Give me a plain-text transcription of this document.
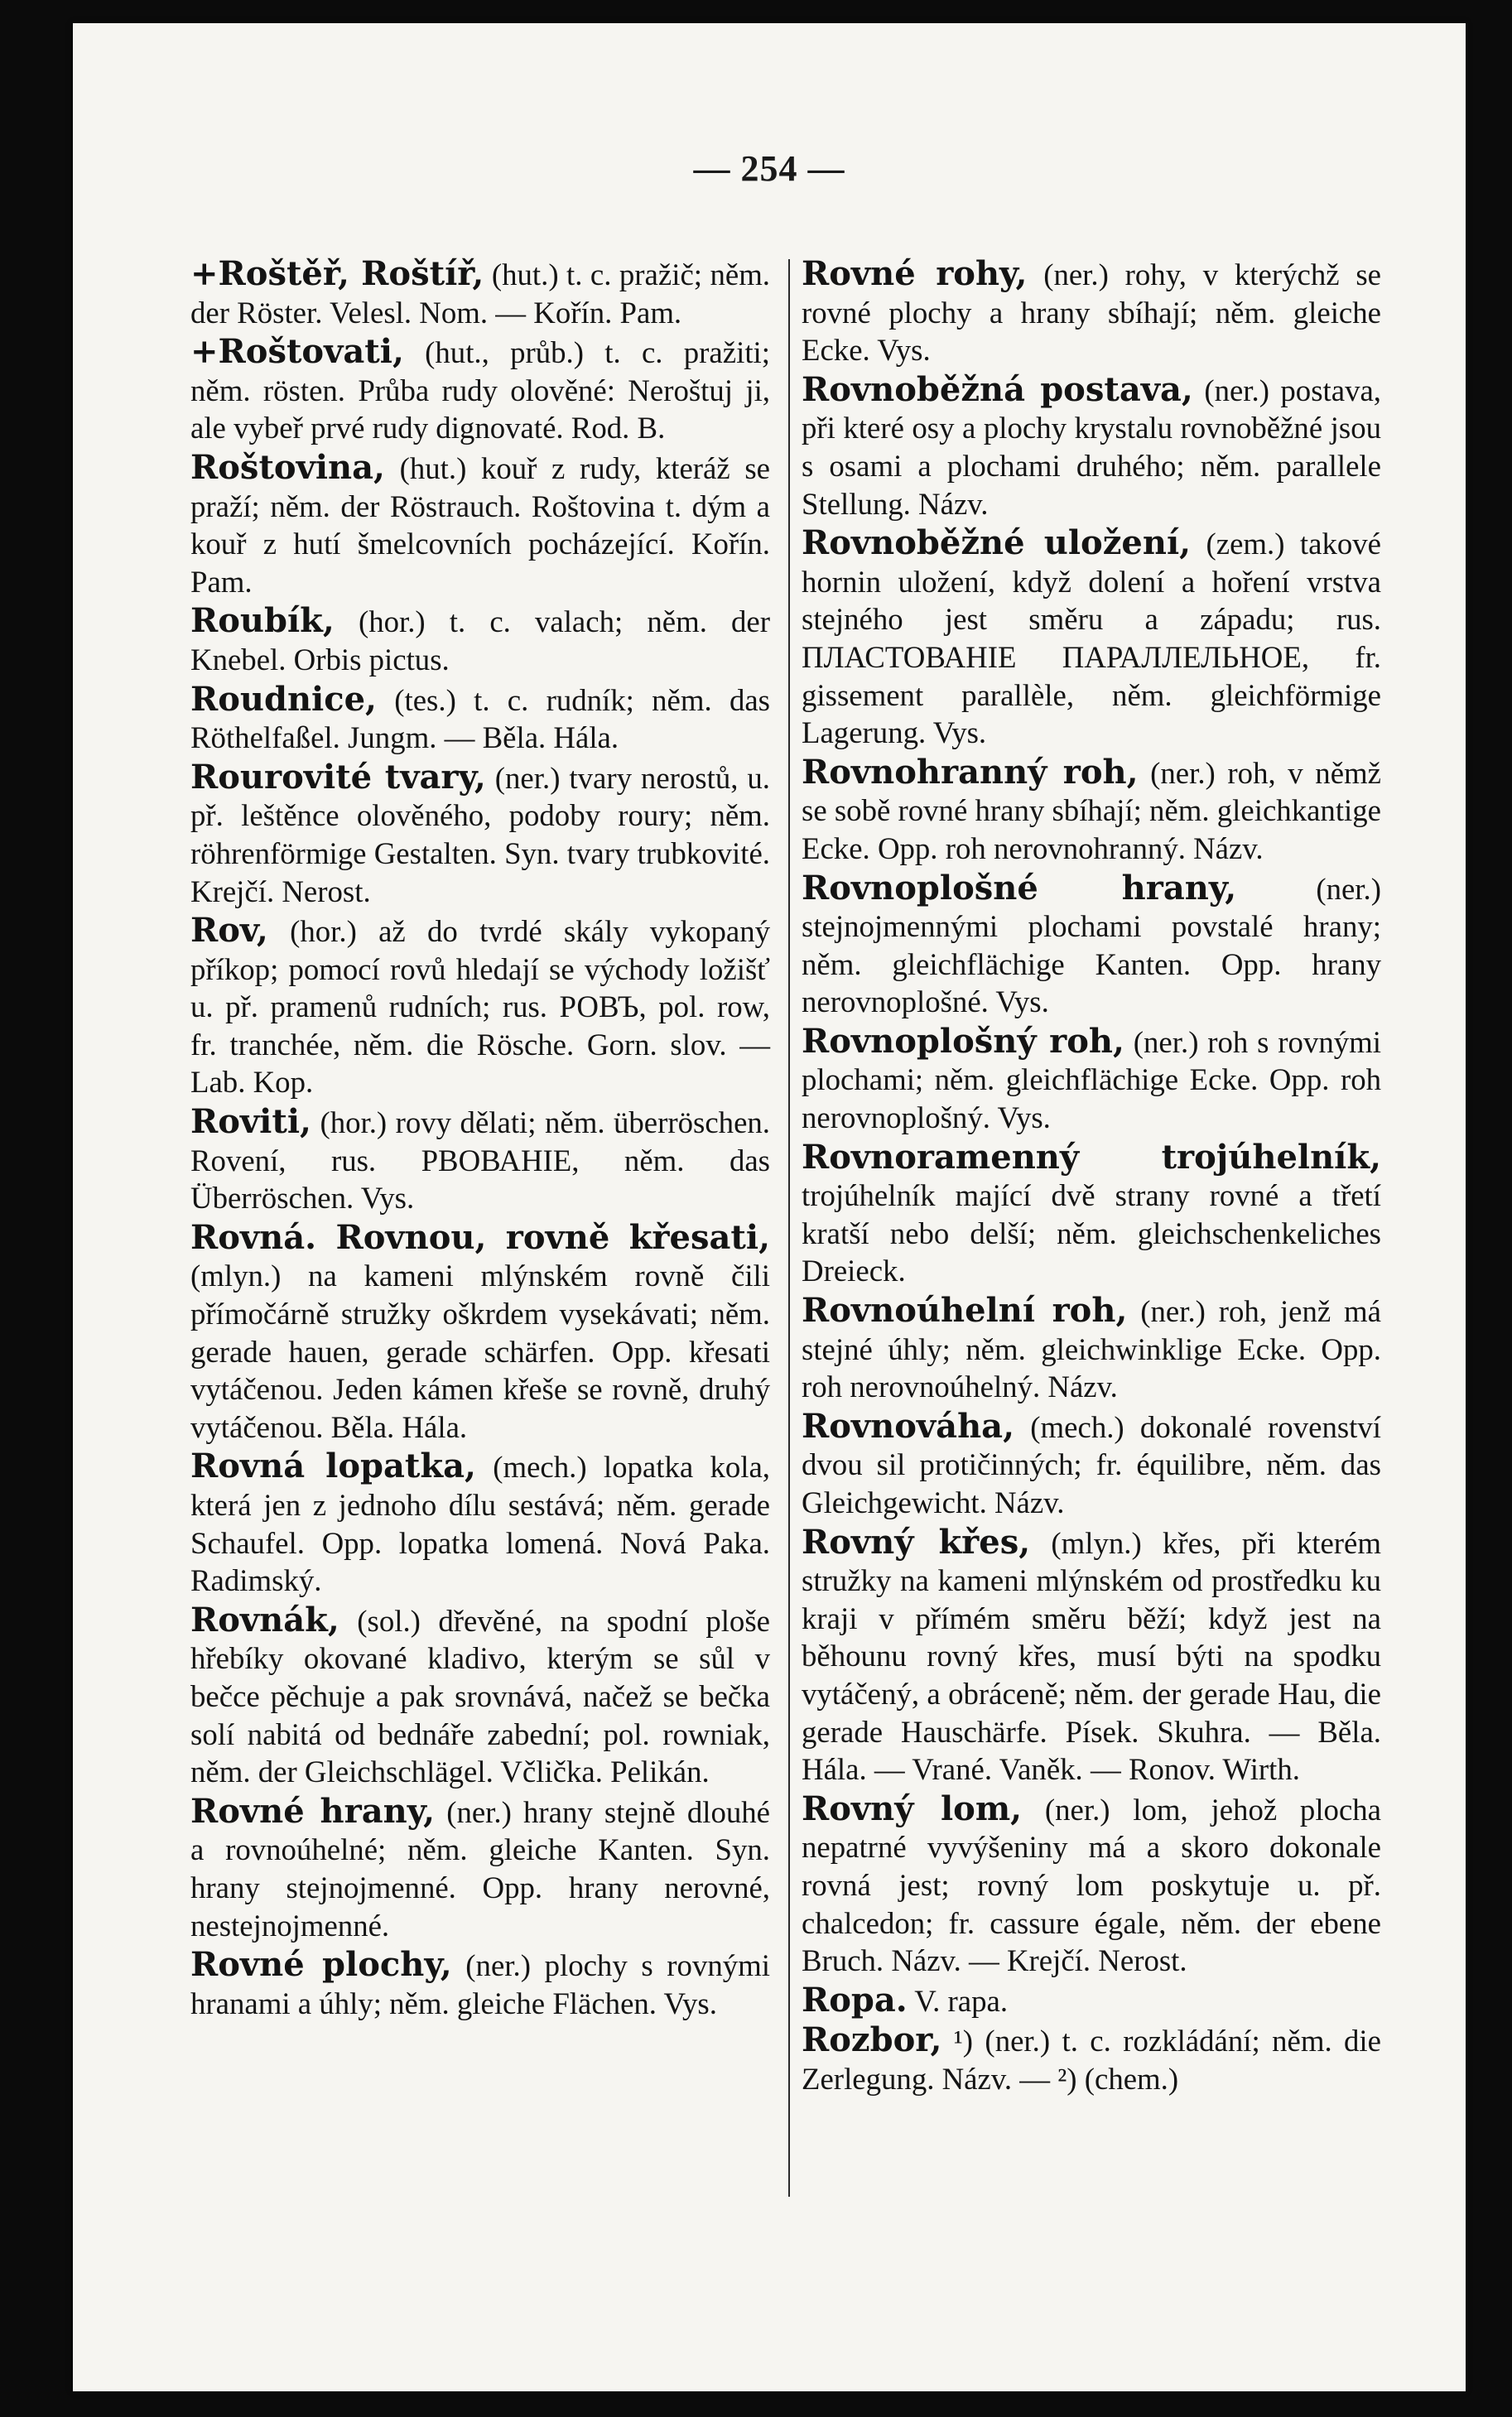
— 254 —

+Roštěř, Roštíř, (hut.) t. c. pražič; něm. der Röster. Velesl. Nom. — Kořín. Pam.

+Roštovati, (hut., průb.) t. c. pražiti; něm. rösten. Průba rudy olověné: Neroštuj ji, ale vybeř prvé rudy dignovaté. Rod. B.

Roštovina, (hut.) kouř z rudy, kteráž se praží; něm. der Röstrauch. Roštovina t. dým a kouř z hutí šmelcovních pocházející. Kořín. Pam.

Roubík, (hor.) t. c. valach; něm. der Knebel. Orbis pictus.

Roudnice, (tes.) t. c. rudník; něm. das Röthelfaßel. Jungm. — Běla. Hála.

Rourovité tvary, (ner.) tvary nerostů, u. př. leštěnce olověného, podoby roury; něm. röhrenförmige Gestalten. Syn. tvary trubkovité. Krejčí. Nerost.

Rov, (hor.) až do tvrdé skály vykopaný příkop; pomocí rovů hledají se východy ložišť u. př. pramenů rudních; rus. РОВЪ, pol. row, fr. tranchée, něm. die Rösche. Gorn. slov. — Lab. Kop.

Roviti, (hor.) rovy dělati; něm. überröschen. Rovení, rus. РВОВАНІЕ, něm. das Überröschen. Vys.

Rovná. Rovnou, rovně křesati, (mlyn.) na kameni mlýnském rovně čili přímočárně stružky oškrdem vysekávati; něm. gerade hauen, gerade schärfen. Opp. křesati vytáčenou. Jeden kámen křeše se rovně, druhý vytáčenou. Běla. Hála.

Rovná lopatka, (mech.) lopatka kola, která jen z jednoho dílu sestává; něm. gerade Schaufel. Opp. lopatka lomená. Nová Paka. Radimský.

Rovnák, (sol.) dřevěné, na spodní ploše hřebíky okované kladivo, kterým se sůl v bečce pěchuje a pak srovnává, načež se bečka solí nabitá od bednáře zabední; pol. rowniak, něm. der Gleichschlägel. Včlička. Pelikán.

Rovné hrany, (ner.) hrany stejně dlouhé a rovnoúhelné; něm. gleiche Kanten. Syn. hrany stejnojmenné. Opp. hrany nerovné, nestejnojmenné.

Rovné plochy, (ner.) plochy s rovnými hranami a úhly; něm. gleiche Flächen. Vys.

Rovné rohy, (ner.) rohy, v kterýchž se rovné plochy a hrany sbíhají; něm. gleiche Ecke. Vys.

Rovnoběžná postava, (ner.) postava, při které osy a plochy krystalu rovnoběžné jsou s osami a plochami druhého; něm. parallele Stellung. Názv.

Rovnoběžné uložení, (zem.) takové hornin uložení, když dolení a hoření vrstva stejného jest směru a západu; rus. ПЛАСТОВАНІЕ ПАРАЛЛЕЛЬНОЕ, fr. gissement parallèle, něm. gleichförmige Lagerung. Vys.

Rovnohranný roh, (ner.) roh, v němž se sobě rovné hrany sbíhají; něm. gleichkantige Ecke. Opp. roh nerovnohranný. Názv.

Rovnoplošné hrany,	(ner.) stejnojmennými plochami povstalé hrany; něm. gleichflächige Kanten. Opp. hrany nerovnoplošné. Vys.

Rovnoplošný roh, (ner.) roh s rovnými plochami; něm. gleichflächige Ecke. Opp. roh nerovnoplošný. Vys.

Rovnoramenný trojúhelník, trojúhelník mající dvě strany rovné a třetí kratší nebo delší; něm. gleichschenkeliches Dreieck.

Rovnoúhelní roh, (ner.) roh, jenž má stejné úhly; něm. gleichwinklige Ecke. Opp. roh nerovnoúhelný. Názv.

Rovnováha, (mech.) dokonalé rovenství dvou sil protičinných; fr. équilibre, něm. das Gleichgewicht. Názv.

Rovný křes, (mlyn.) křes, při kterém stružky na kameni mlýnském od prostředku ku kraji v přímém směru běží; když jest na běhounu rovný křes, musí býti na spodku vytáčený, a obráceně; něm. der gerade Hau, die gerade Hauschärfe. Písek. Skuhra. — Běla. Hála. — Vrané. Vaněk. — Ronov. Wirth.

Rovný lom, (ner.) lom, jehož plocha nepatrné vyvýšeniny má a skoro dokonale rovná jest; rovný lom poskytuje u. př. chalcedon; fr. cassure égale, něm. der ebene Bruch. Názv. — Krejčí. Nerost.

Ropa. V. rapa.

Rozbor, ¹) (ner.) t. c. rozkládání; něm. die Zerlegung. Názv. — ²) (chem.)
